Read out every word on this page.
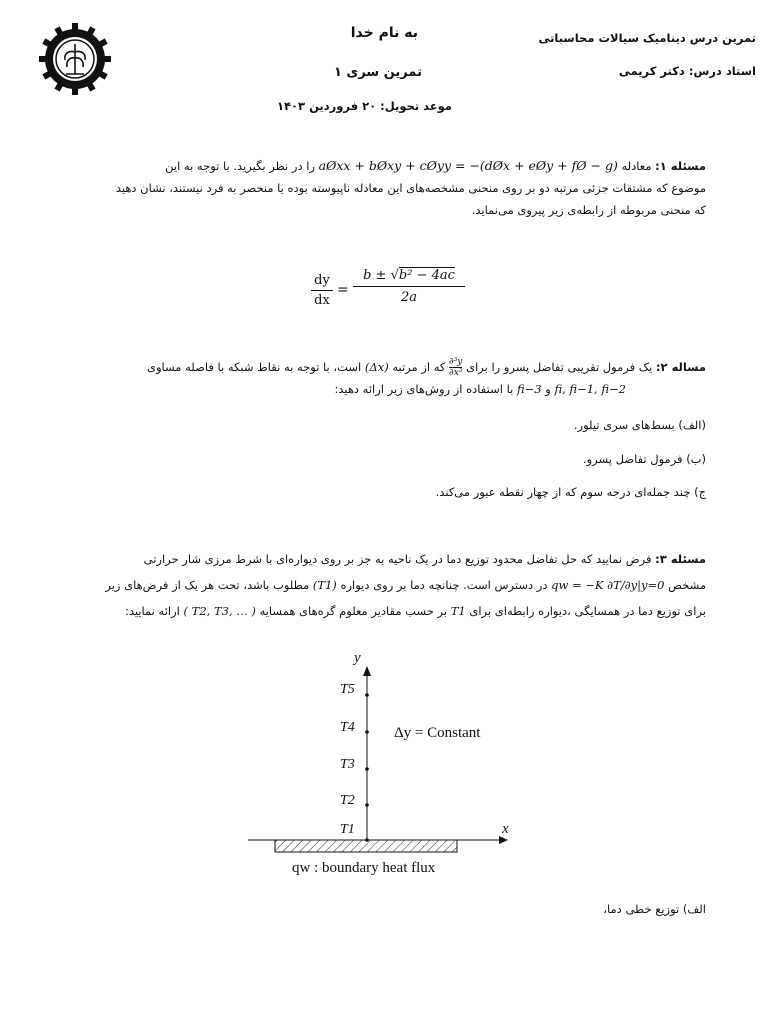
به نام خدا
تمرین سری ۱
موعد تحویل: ۲۰ فروردین ۱۴۰۳
تمرین درس دینامیک سیالات محاسباتی
استاد درس: دکتر کریمی
مسئله ۱: معادله aØxx + bØxy + cØyy = −(dØx + eØy + fØ − g) را در نظر بگیرید. با توجه به این
موضوع که مشتقات جزئی مرتبه دو بر روی منحنی مشخصه‌های این معادله ناپیوسته بوده یا منحصر به فرد نیستند، نشان دهید
که منحنی مربوطه از رابطه‌ی زیر پیروی می‌نماید.
dy
dx
=
b ± √b² − 4ac
2a
مساله ۲: یک فرمول تقریبی تفاضل پسرو را برای
$\frac{\text{∂³y}}{\text{∂x³}}$
که از مرتبه (Δx) است، با توجه به نقاط شبکه با فاصله مساوی
fi, fi−1, fi−2 و fi−3 با استفاده از روش‌های زیر ارائه دهید:
(الف) بسط‌های سری تیلور.
(ب) فرمول تفاضل پسرو.
ج) چند جمله‌ای درجه سوم که از چهار نقطه عبور می‌کند.
مسئله ۳: فرض نمایید که حل تفاضل محدود توزیع دما در یک ناحیه به جز بر روی دیواره‌ای با شرط مرزی شار حرارتی
مشخص qw = −K ∂T/∂y|y=0 در دسترس است. چنانچه دما بر روی دیواره (T1) مطلوب باشد، تحت هر یک از فرض‌های زیر
برای توزیع دما در همسایگی ،دیواره رابطه‌ای برای T1 بر حسب مقادیر معلوم گره‌های همسایه ( T2, T3, … ) ارائه نمایید:
y
x
T5
T4
T3
T2
T1
Δy = Constant
qw : boundary heat flux
الف) توزیع خطی دما،
